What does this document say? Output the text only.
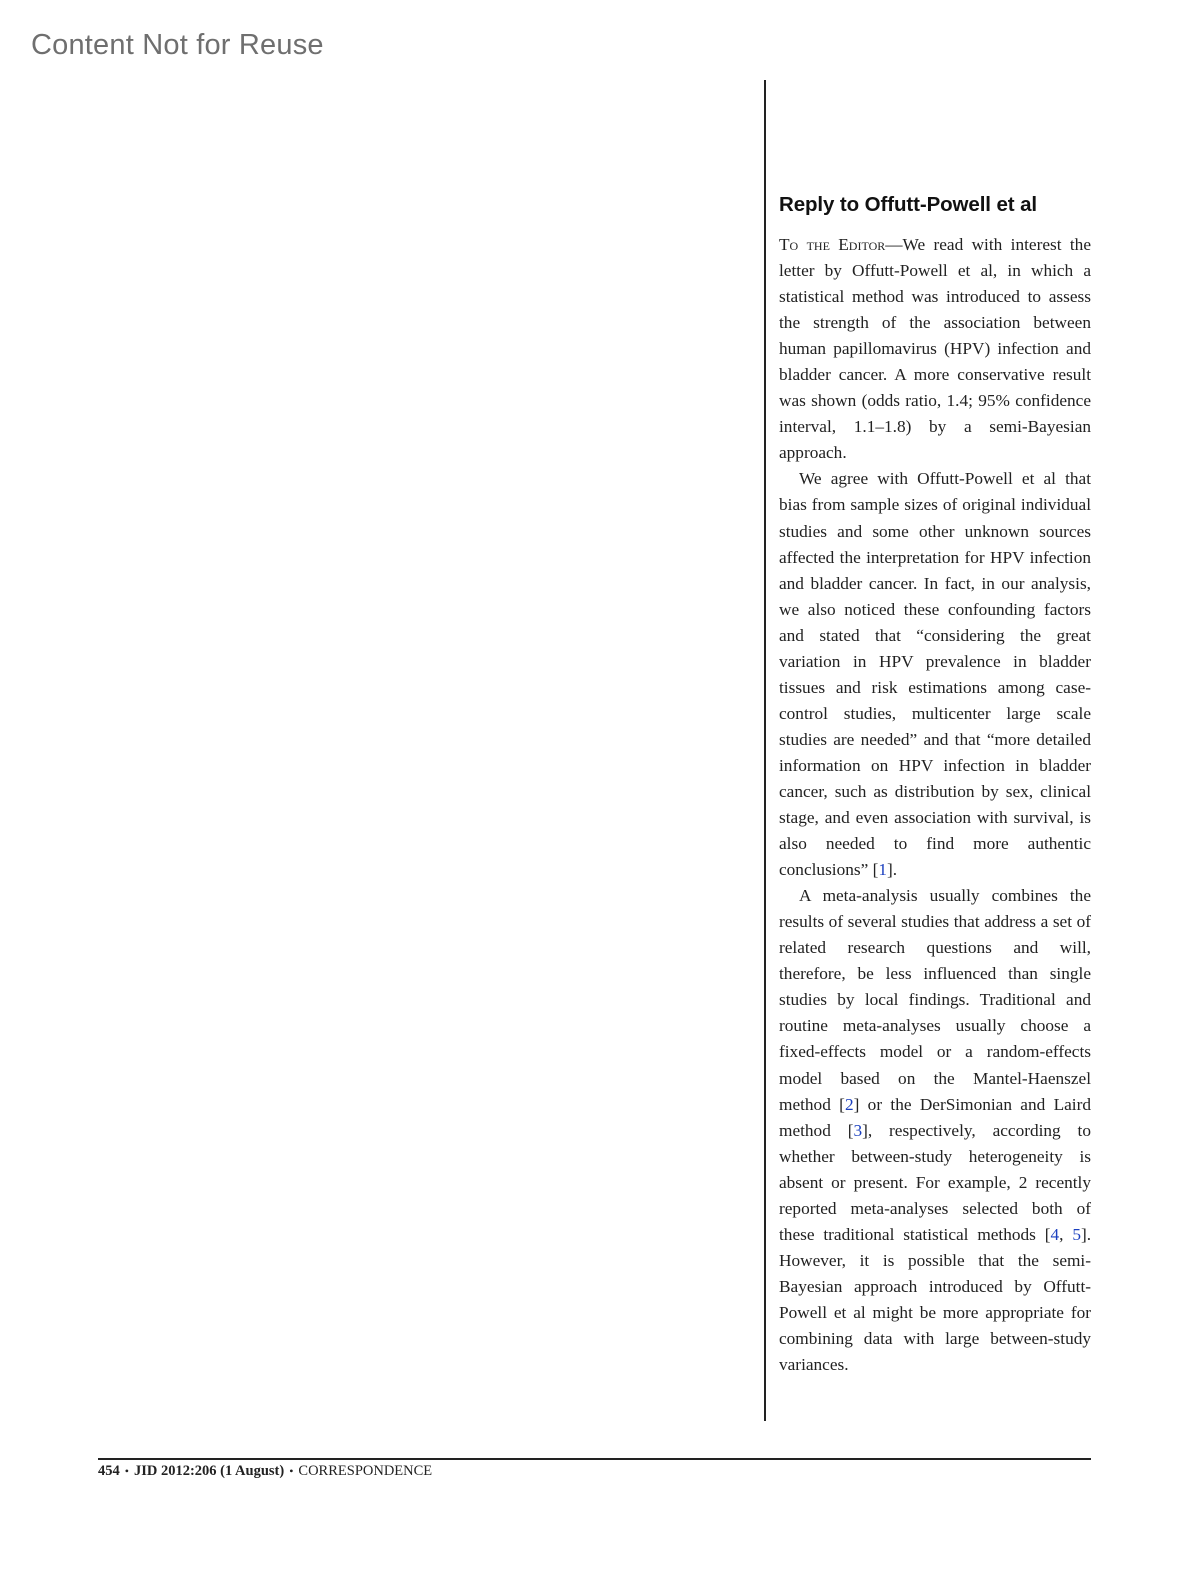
Content Not for Reuse
Reply to Offutt-Powell et al

To the Editor—We read with interest the letter by Offutt-Powell et al, in which a statistical method was introduced to assess the strength of the association between human papillomavirus (HPV) infection and bladder cancer. A more conservative result was shown (odds ratio, 1.4; 95% confidence interval, 1.1–1.8) by a semi-Bayesian approach.

We agree with Offutt-Powell et al that bias from sample sizes of original individual studies and some other unknown sources affected the interpretation for HPV infection and bladder cancer. In fact, in our analysis, we also noticed these confounding factors and stated that “considering the great variation in HPV prevalence in bladder tissues and risk estimations among case-control studies, multicenter large scale studies are needed” and that “more detailed information on HPV infection in bladder cancer, such as distribution by sex, clinical stage, and even association with survival, is also needed to find more authentic conclusions” [1].

A meta-analysis usually combines the results of several studies that address a set of related research questions and will, therefore, be less influenced than single studies by local findings. Traditional and routine meta-analyses usually choose a fixed-effects model or a random-effects model based on the Mantel-Haenszel method [2] or the DerSimonian and Laird method [3], respectively, according to whether between-study heterogeneity is absent or present. For example, 2 recently reported meta-analyses selected both of these traditional statistical methods [4, 5]. However, it is possible that the semi-Bayesian approach introduced by Offutt-Powell et al might be more appropriate for combining data with large between-study variances.

454 • JID 2012:206 (1 August) • CORRESPONDENCE
